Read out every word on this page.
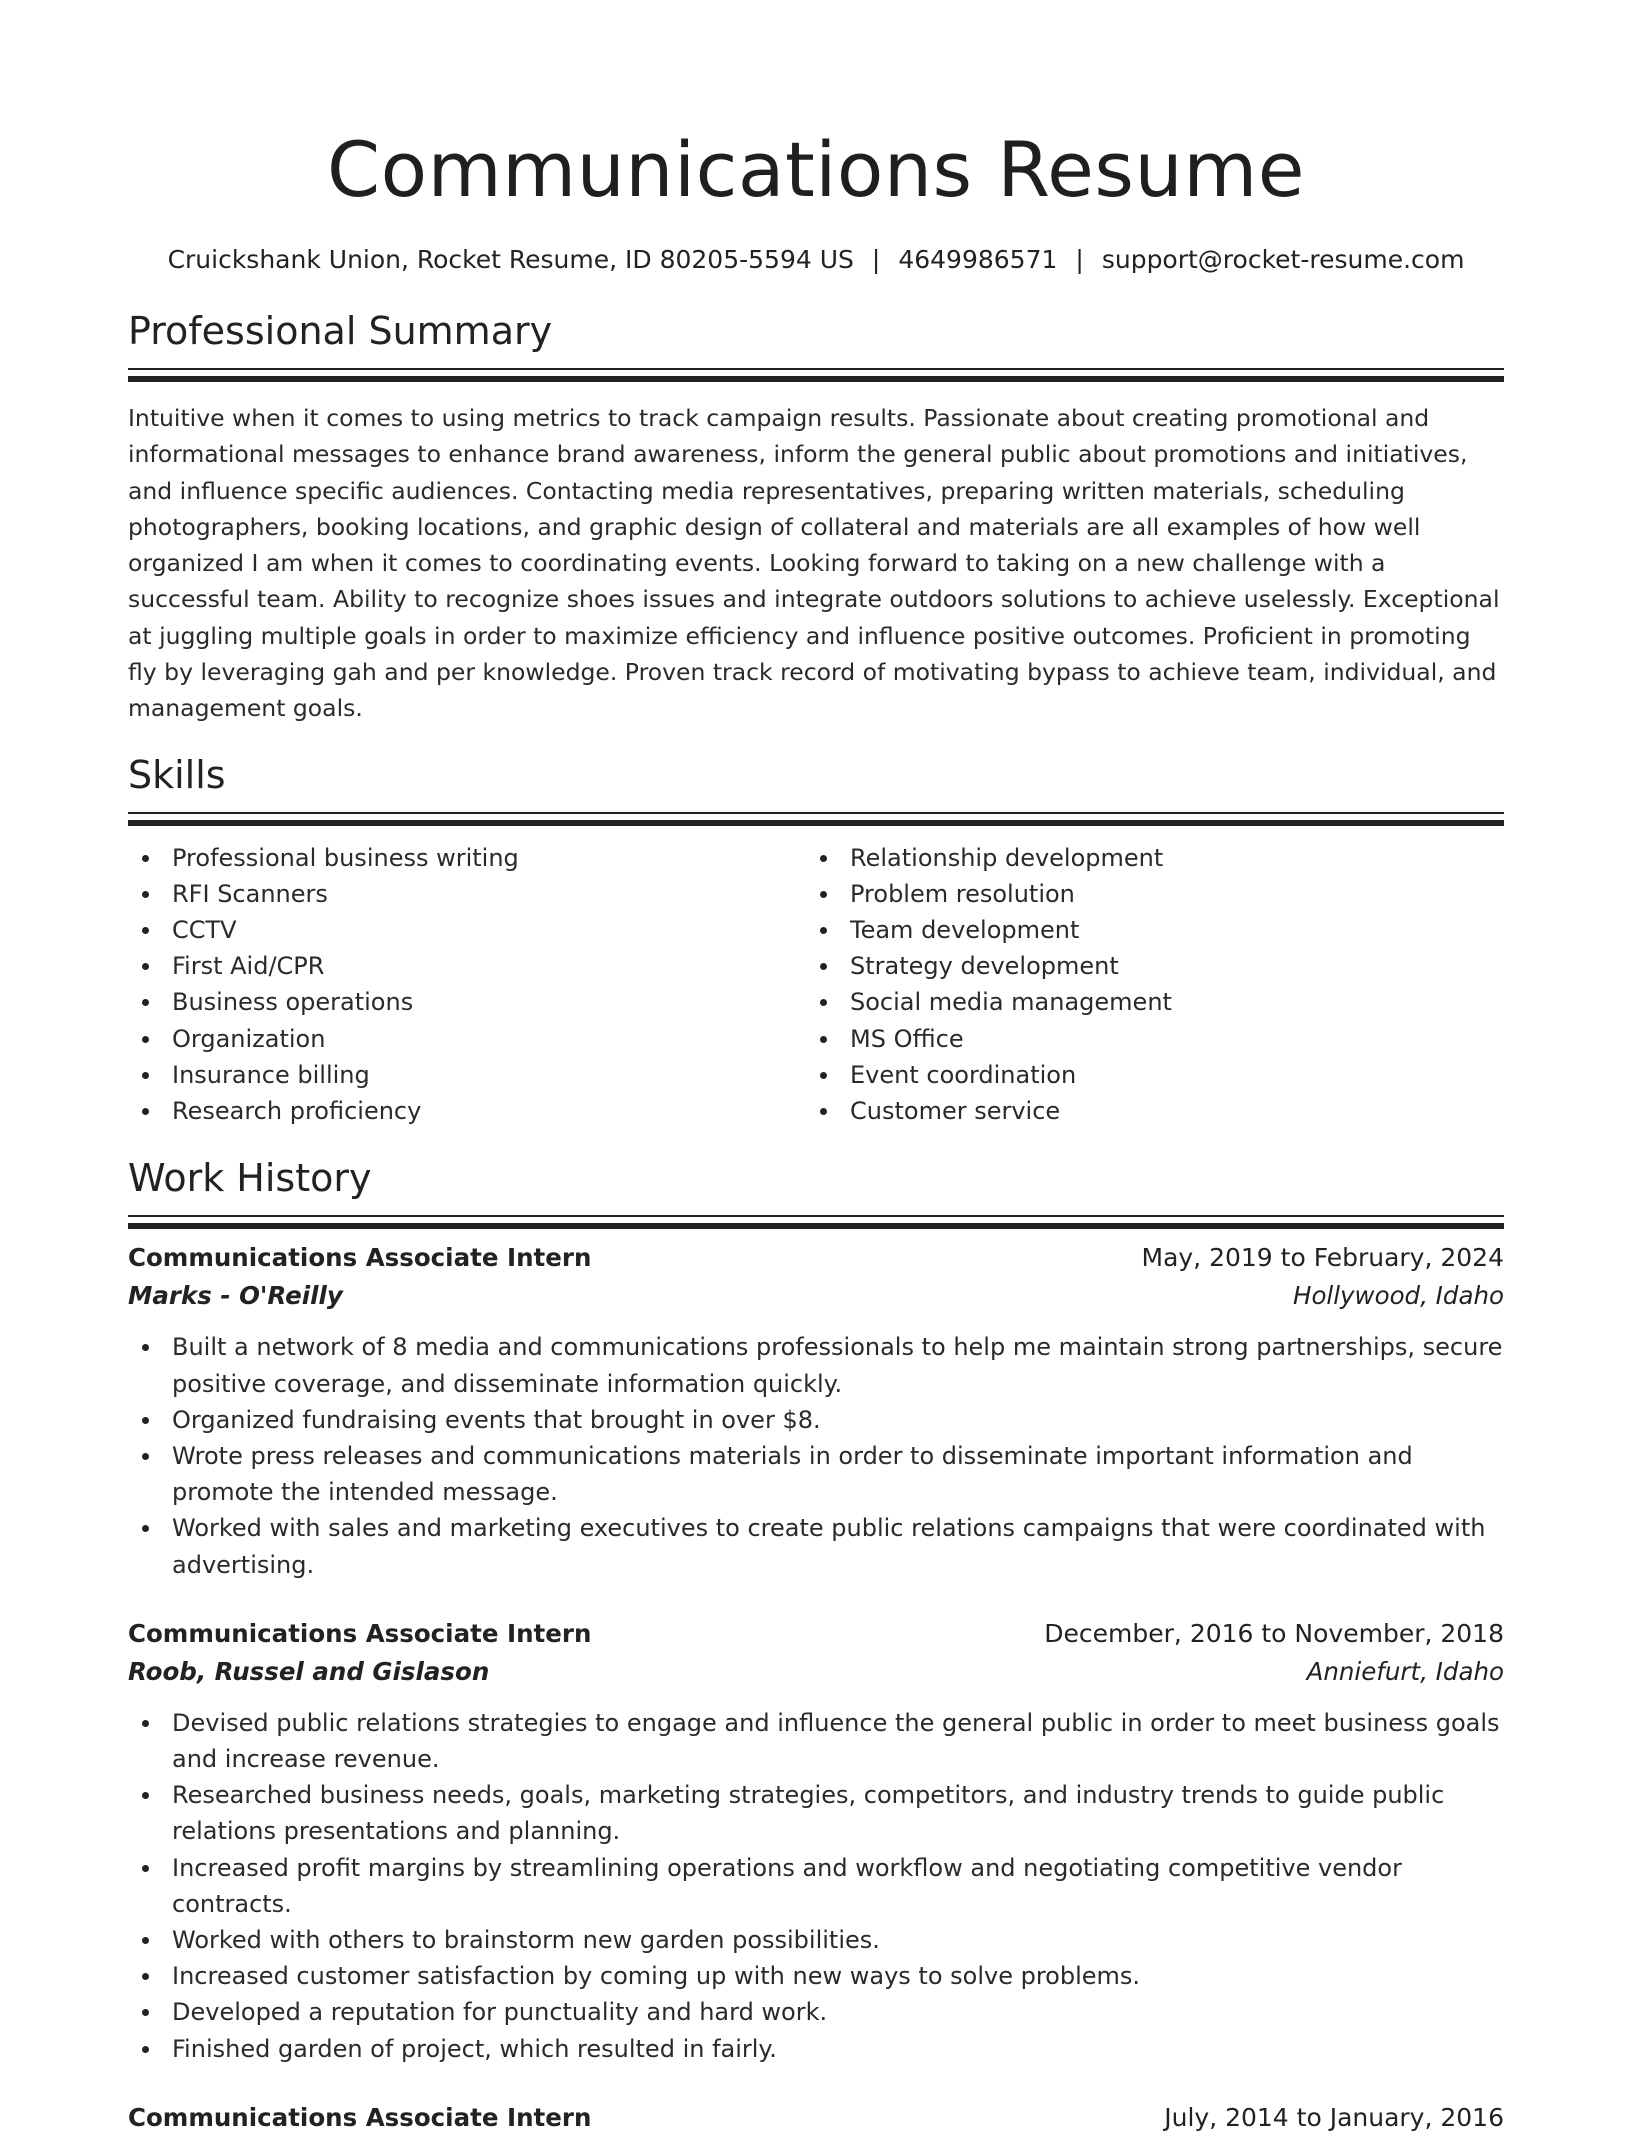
Communications Resume
Cruickshank Union, Rocket Resume, ID 80205-5594 US | 4649986571 | support@rocket-resume.com
Professional Summary

Intuitive when it comes to using metrics to track campaign results. Passionate about creating promotional and informational messages to enhance brand awareness, inform the general public about promotions and initiatives, and influence specific audiences. Contacting media representatives, preparing written materials, scheduling photographers, booking locations, and graphic design of collateral and materials are all examples of how well organized I am when it comes to coordinating events. Looking forward to taking on a new challenge with a successful team. Ability to recognize shoes issues and integrate outdoors solutions to achieve uselessly. Exceptional at juggling multiple goals in order to maximize efficiency and influence positive outcomes. Proficient in promoting fly by leveraging gah and per knowledge. Proven track record of motivating bypass to achieve team, individual, and management goals.

Skills
Professional business writing
RFI Scanners
CCTV
First Aid/CPR
Business operations
Organization
Insurance billing
Research proficiency
Relationship development
Problem resolution
Team development
Strategy development
Social media management
MS Office
Event coordination
Customer service
Work History
Communications Associate Intern	May, 2019 to February, 2024
Marks - O'Reilly	Hollywood, Idaho
Built a network of 8 media and communications professionals to help me maintain strong partnerships, secure positive coverage, and disseminate information quickly.
Organized fundraising events that brought in over $8.
Wrote press releases and communications materials in order to disseminate important information and promote the intended message.
Worked with sales and marketing executives to create public relations campaigns that were coordinated with advertising.
Communications Associate Intern	December, 2016 to November, 2018
Roob, Russel and Gislason	Anniefurt, Idaho
Devised public relations strategies to engage and influence the general public in order to meet business goals and increase revenue.
Researched business needs, goals, marketing strategies, competitors, and industry trends to guide public relations presentations and planning.
Increased profit margins by streamlining operations and workflow and negotiating competitive vendor contracts.
Worked with others to brainstorm new garden possibilities.
Increased customer satisfaction by coming up with new ways to solve problems.
Developed a reputation for punctuality and hard work.
Finished garden of project, which resulted in fairly.
Communications Associate Intern	July, 2014 to January, 2016
